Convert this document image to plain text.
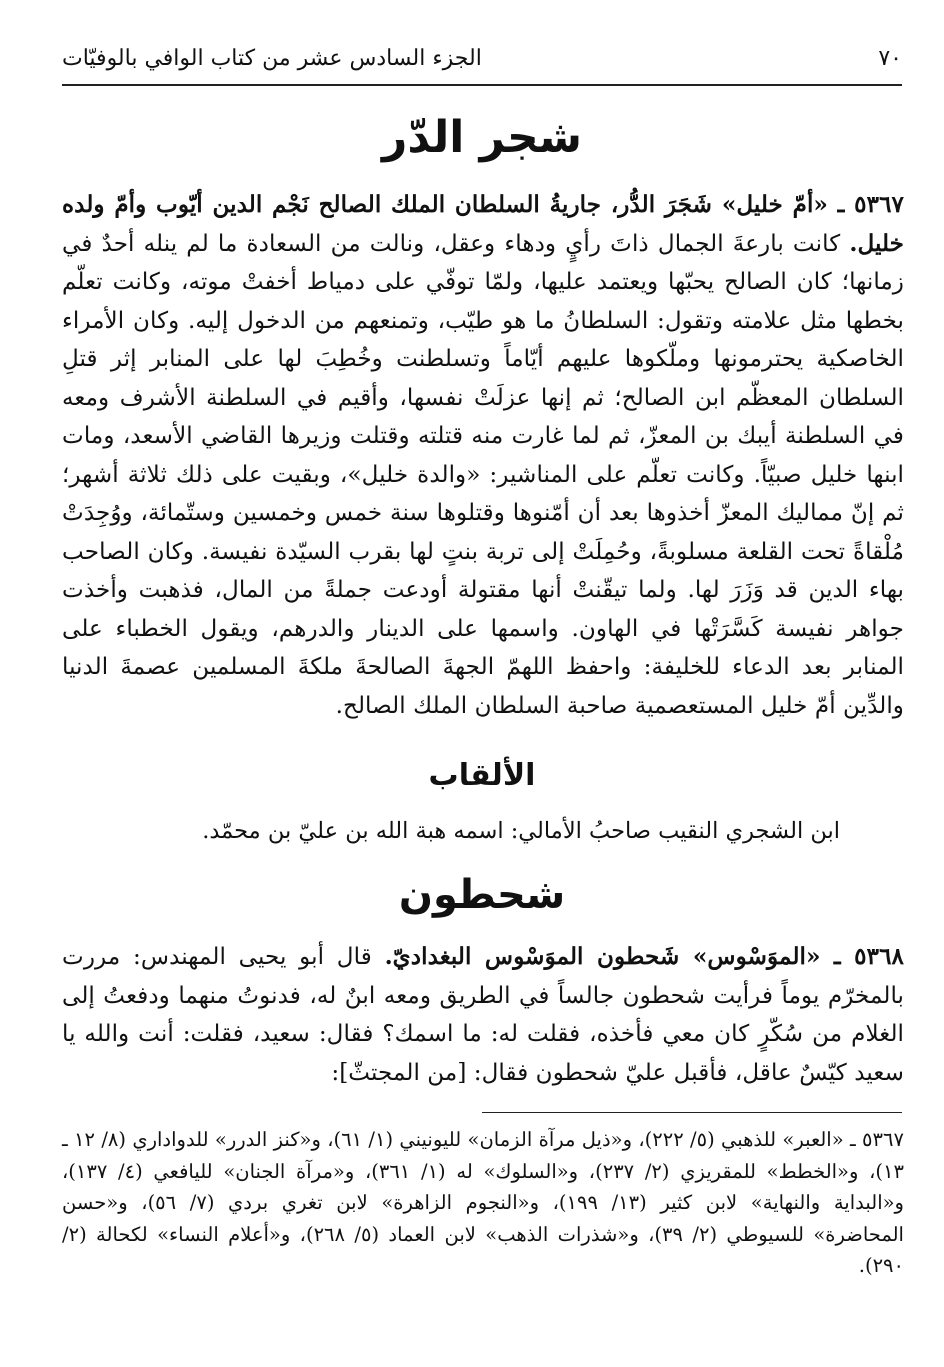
٧٠
الجزء السادس عشر من كتاب الوافي بالوفيّات
شجر الدّر
٥٣٦٧ ـ «أمّ خليل» شَجَرَ الدُّر، جاريةُ السلطان الملك الصالح نَجْم الدين أيّوب وأمّ ولده خليل. كانت بارعةَ الجمال ذاتَ رأيٍ ودهاء وعقل، ونالت من السعادة ما لم ينله أحدٌ في زمانها؛ كان الصالح يحبّها ويعتمد عليها، ولمّا توفّي على دمياط أخفتْ موته، وكانت تعلّم بخطها مثل علامته وتقول: السلطانُ ما هو طيّب، وتمنعهم من الدخول إليه. وكان الأمراء الخاصكية يحترمونها وملّكوها عليهم أيّاماً وتسلطنت وخُطِبَ لها على المنابر إثر قتلِ السلطان المعظّم ابن الصالح؛ ثم إنها عزلَتْ نفسها، وأقيم في السلطنة الأشرف ومعه في السلطنة أيبك بن المعزّ، ثم لما غارت منه قتلته وقتلت وزيرها القاضي الأسعد، ومات ابنها خليل صبيّاً. وكانت تعلّم على المناشير: «والدة خليل»، وبقيت على ذلك ثلاثة أشهر؛ ثم إنّ مماليك المعزّ أخذوها بعد أن أمّنوها وقتلوها سنة خمس وخمسين وستّمائة، ووُجِدَتْ مُلْقاةً تحت القلعة مسلوبةً، وحُمِلَتْ إلى تربة بنتٍ لها بقرب السيّدة نفيسة. وكان الصاحب بهاء الدين قد وَزَرَ لها. ولما تيقّنتْ أنها مقتولة أودعت جملةً من المال، فذهبت وأخذت جواهر نفيسة كَسَّرَتْها في الهاون. واسمها على الدينار والدرهم، ويقول الخطباء على المنابر بعد الدعاء للخليفة: واحفظ اللهمّ الجهةَ الصالحةَ ملكةَ المسلمين عصمةَ الدنيا والدِّين أمّ خليل المستعصمية صاحبة السلطان الملك الصالح.
الألقاب
ابن الشجري النقيب صاحبُ الأمالي: اسمه هبة الله بن عليّ بن محمّد.
شحطون
٥٣٦٨ ـ «الموَسْوس» شَحطون الموَسْوس البغداديّ. قال أبو يحيى المهندس: مررت بالمخرّم يوماً فرأيت شحطون جالساً في الطريق ومعه ابنٌ له، فدنوتُ منهما ودفعتُ إلى الغلام من سُكّرٍ كان معي فأخذه، فقلت له: ما اسمك؟ فقال: سعيد، فقلت: أنت والله يا سعيد كيّسٌ عاقل، فأقبل عليّ شحطون فقال: [من المجتثّ]:
٥٣٦٧ ـ «العبر» للذهبي (٥/ ٢٢٢)، و«ذيل مرآة الزمان» لليونيني (١/ ٦١)، و«كنز الدرر» للدواداري (٨/ ١٢ ـ ١٣)، و«الخطط» للمقريزي (٢/ ٢٣٧)، و«السلوك» له (١/ ٣٦١)، و«مرآة الجنان» لليافعي (٤/ ١٣٧)، و«البداية والنهاية» لابن كثير (١٣/ ١٩٩)، و«النجوم الزاهرة» لابن تغري بردي (٧/ ٥٦)، و«حسن المحاضرة» للسيوطي (٢/ ٣٩)، و«شذرات الذهب» لابن العماد (٥/ ٢٦٨)، و«أعلام النساء» لكحالة (٢/ ٢٩٠).
